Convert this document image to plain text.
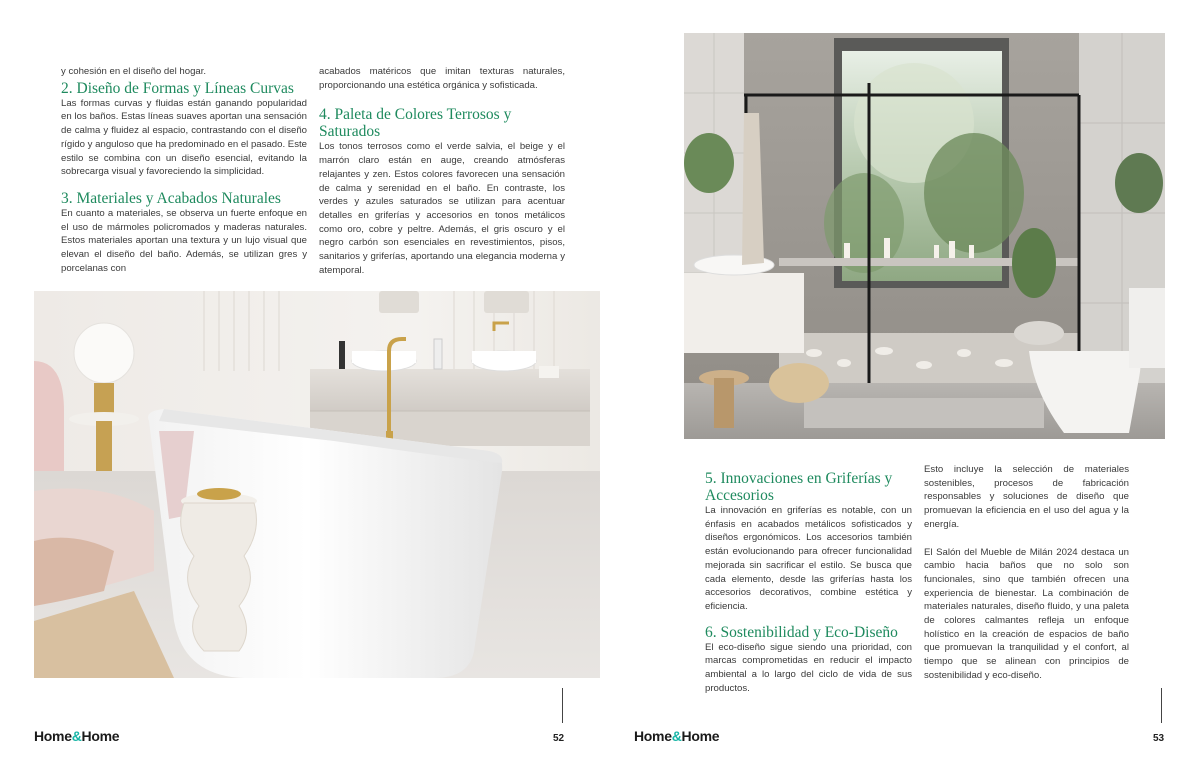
y cohesión en el diseño del hogar.

2. Diseño de Formas y Líneas Curvas

Las formas curvas y fluidas están ganando popularidad en los baños. Estas líneas suaves aportan una sensación de calma y fluidez al espacio, contrastando con el diseño rígido y anguloso que ha predominado en el pasado. Este estilo se combina con un diseño esencial, evitando la sobrecarga visual y favoreciendo la simplicidad.

3. Materiales y Acabados Naturales

En cuanto a materiales, se observa un fuerte enfoque en el uso de mármoles policromados y maderas naturales. Estos materiales aportan una textura y un lujo visual que elevan el diseño del baño. Además, se utilizan gres y porcelanas con

acabados matéricos que imitan texturas naturales, proporcionando una estética orgánica y sofisticada.

4. Paleta de Colores Terrosos y Saturados

Los tonos terrosos como el verde salvia, el beige y el marrón claro están en auge, creando atmósferas relajantes y zen. Estos colores favorecen una sensación de calma y serenidad en el baño. En contraste, los verdes y azules saturados se utilizan para acentuar detalles en griferías y accesorios en tonos metálicos como oro, cobre y peltre. Además, el gris oscuro y el negro carbón son esenciales en revestimientos, pisos, sanitarios y griferías, aportando una elegancia moderna y atemporal.

Home&Home	52
5. Innovaciones en Griferías y Accesorios

La innovación en griferías es notable, con un énfasis en acabados metálicos sofisticados y diseños ergonómicos. Los accesorios también están evolucionando para ofrecer funcionalidad mejorada sin sacrificar el estilo. Se busca que cada elemento, desde las griferías hasta los accesorios decorativos, combine estética y eficiencia.

6. Sostenibilidad y Eco-Diseño

El eco-diseño sigue siendo una prioridad, con marcas comprometidas en reducir el impacto ambiental a lo largo del ciclo de vida de sus productos.

Esto incluye la selección de materiales sostenibles, procesos de fabricación responsables y soluciones de diseño que promuevan la eficiencia en el uso del agua y la energía.

El Salón del Mueble de Milán 2024 destaca un cambio hacia baños que no solo son funcionales, sino que también ofrecen una experiencia de bienestar. La combinación de materiales naturales, diseño fluido, y una paleta de colores calmantes refleja un enfoque holístico en la creación de espacios de baño que promuevan la tranquilidad y el confort, al tiempo que se alinean con principios de sostenibilidad y eco-diseño.

Home&Home	53
